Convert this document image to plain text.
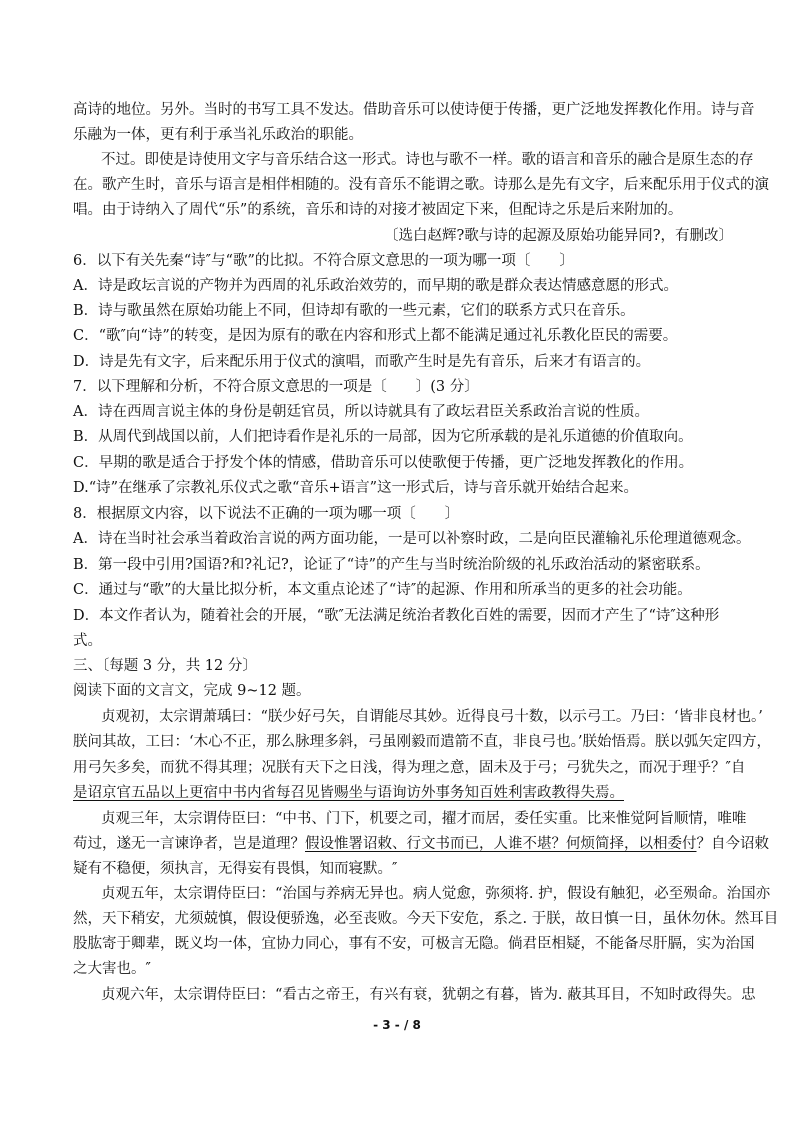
高诗的地位。另外。当时的书写工具不发达。借助音乐可以使诗便于传播，更广泛地发挥教化作用。诗与音
乐融为一体，更有利于承当礼乐政治的职能。
不过。即使是诗使用文字与音乐结合这一形式。诗也与歌不一样。歌的语言和音乐的融合是原生态的存
在。歌产生时，音乐与语言是相伴相随的。没有音乐不能谓之歌。诗那么是先有文字，后来配乐用于仪式的演
唱。由于诗纳入了周代“乐”的系统，音乐和诗的对接才被固定下来，但配诗之乐是后来附加的。
〔选白赵辉?歌与诗的起源及原始功能异同?，有删改〕
6．以下有关先秦“诗″与“歌”的比拟。不符合原文意思的一项为哪一项〔　　〕
A．诗是政坛言说的产物并为西周的礼乐政治效劳的，而早期的歌是群众表达情感意愿的形式。
B．诗与歌虽然在原始功能上不同，但诗却有歌的一些元素，它们的联系方式只在音乐。
C．“歌″向“诗”的转变，是因为原有的歌在内容和形式上都不能满足通过礼乐教化臣民的需要。
D．诗是先有文字，后来配乐用于仪式的演唱，而歌产生时是先有音乐，后来才有语言的。
7．以下理解和分析，不符合原文意思的一项是〔　　〕(3 分〕
A．诗在西周言说主体的身份是朝廷官员，所以诗就具有了政坛君臣关系政治言说的性质。
B．从周代到战国以前，人们把诗看作是礼乐的一局部，因为它所承载的是礼乐道德的价值取向。
C．早期的歌是适合于抒发个体的情感，借助音乐可以使歌便于传播，更广泛地发挥教化的作用。
D.“诗”在继承了宗教礼乐仪式之歌“音乐+语言”这一形式后，诗与音乐就开始结合起来。
8．根据原文内容，以下说法不正确的一项为哪一项〔　　〕
A．诗在当时社会承当着政治言说的两方面功能，一是可以补察时政，二是向臣民灌输礼乐伦理道德观念。
B．第一段中引用?国语?和?礼记?，论证了“诗”的产生与当时统治阶级的礼乐政治活动的紧密联系。
C．通过与“歌”的大量比拟分析，本文重点论述了“诗″的起源、作用和所承当的更多的社会功能。
D．本文作者认为，随着社会的开展，“歌″无法满足统治者教化百姓的需要，因而才产生了“诗″这种形
式。
三、〔每题 3 分，共 12 分〕
阅读下面的文言文，完成 9~12 题。
贞观初，太宗谓萧瑀曰：“朕少好弓矢，自谓能尽其妙。近得良弓十数，以示弓工。乃曰：‘皆非良材也。’
朕问其故，工曰：‘木心不正，那么脉理多斜，弓虽刚毅而遣箭不直，非良弓也。’朕始悟焉。朕以弧矢定四方，
用弓矢多矣，而犹不得其理；况朕有天下之日浅，得为理之意，固未及于弓；弓犹失之，而况于理乎？″自
是诏京官五品以上更宿中书内省每召见皆赐坐与语询访外事务知百姓利害政教得失焉。
贞观三年，太宗谓侍臣曰：“中书、门下，机要之司，擢才而居，委任实重。比来惟觉阿旨顺情，唯唯
苟过，遂无一言谏诤者，岂是道理？假设惟署诏敕、行文书而已，人谁不堪？何烦简择，以相委付？自今诏敕
疑有不稳便，须执言，无得妄有畏惧，知而寝默。″
贞观五年，太宗谓侍臣曰：“治国与养病无异也。病人觉愈，弥须将. 护，假设有触犯，必至殒命。治国亦
然，天下稍安，尤须兢慎，假设便骄逸，必至丧败。今天下安危，系之. 于朕，故日慎一日，虽休勿休。然耳目
股肱寄于卿辈，既义均一体，宜协力同心，事有不安，可极言无隐。倘君臣相疑，不能备尽肝膈，实为治国
之大害也。″
贞观六年，太宗谓侍臣曰：“看古之帝王，有兴有衰，犹朝之有暮，皆为. 蔽其耳目，不知时政得失。忠
- 3 - / 8
